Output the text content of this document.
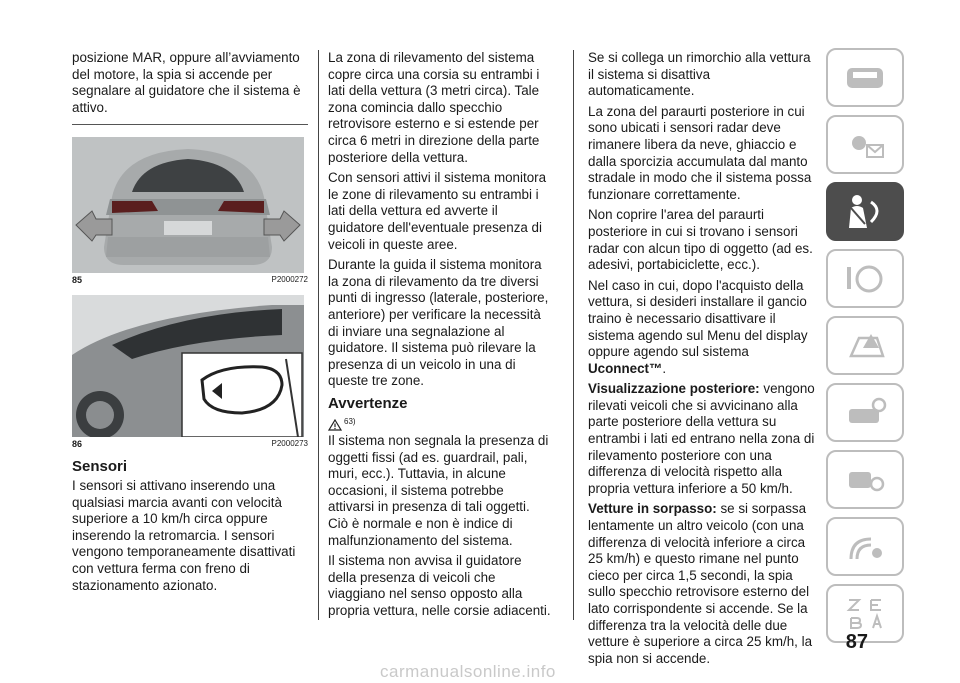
posizione MAR, oppure all’avviamento del motore, la spia si accende per segnalare al guidatore che il sistema è attivo.

85	P2000272
86	P2000273
Sensori

I sensori si attivano inserendo una qualsiasi marcia avanti con velocità superiore a 10 km/h circa oppure inserendo la retromarcia. I sensori vengono temporaneamente disattivati con vettura ferma con freno di stazionamento azionato.

La zona di rilevamento del sistema copre circa una corsia su entrambi i lati della vettura (3 metri circa). Tale zona comincia dallo specchio retrovisore esterno e si estende per circa 6 metri in direzione della parte posteriore della vettura.

Con sensori attivi il sistema monitora le zone di rilevamento su entrambi i lati della vettura ed avverte il guidatore dell'eventuale presenza di veicoli in queste aree.

Durante la guida il sistema monitora la zona di rilevamento da tre diversi punti di ingresso (laterale, posteriore, anteriore) per verificare la necessità di inviare una segnalazione al guidatore. Il sistema può rilevare la presenza di un veicolo in una di queste tre zone.

Avvertenze
63)

Il sistema non segnala la presenza di oggetti fissi (ad es. guardrail, pali, muri, ecc.). Tuttavia, in alcune occasioni, il sistema potrebbe attivarsi in presenza di tali oggetti. Ciò è normale e non è indice di malfunzionamento del sistema.

Il sistema non avvisa il guidatore della presenza di veicoli che viaggiano nel senso opposto alla propria vettura, nelle corsie adiacenti.

Se si collega un rimorchio alla vettura il sistema si disattiva automaticamente.

La zona del paraurti posteriore in cui sono ubicati i sensori radar deve rimanere libera da neve, ghiaccio e dalla sporcizia accumulata dal manto stradale in modo che il sistema possa funzionare correttamente.

Non coprire l'area del paraurti posteriore in cui si trovano i sensori radar con alcun tipo di oggetto (ad es. adesivi, portabiciclette, ecc.).

Nel caso in cui, dopo l'acquisto della vettura, si desideri installare il gancio traino è necessario disattivare il sistema agendo sul Menu del display oppure agendo sul sistema Uconnect™.

Visualizzazione posteriore: vengono rilevati veicoli che si avvicinano alla parte posteriore della vettura su entrambi i lati ed entrano nella zona di rilevamento posteriore con una differenza di velocità rispetto alla propria vettura inferiore a 50 km/h.

Vetture in sorpasso: se si sorpassa lentamente un altro veicolo (con una differenza di velocità inferiore a circa 25 km/h) e questo rimane nel punto cieco per circa 1,5 secondi, la spia sullo specchio retrovisore esterno del lato corrispondente si accende. Se la differenza tra la velocità delle due vetture è superiore a circa 25 km/h, la spia non si accende.

87
carmanualsonline.info
